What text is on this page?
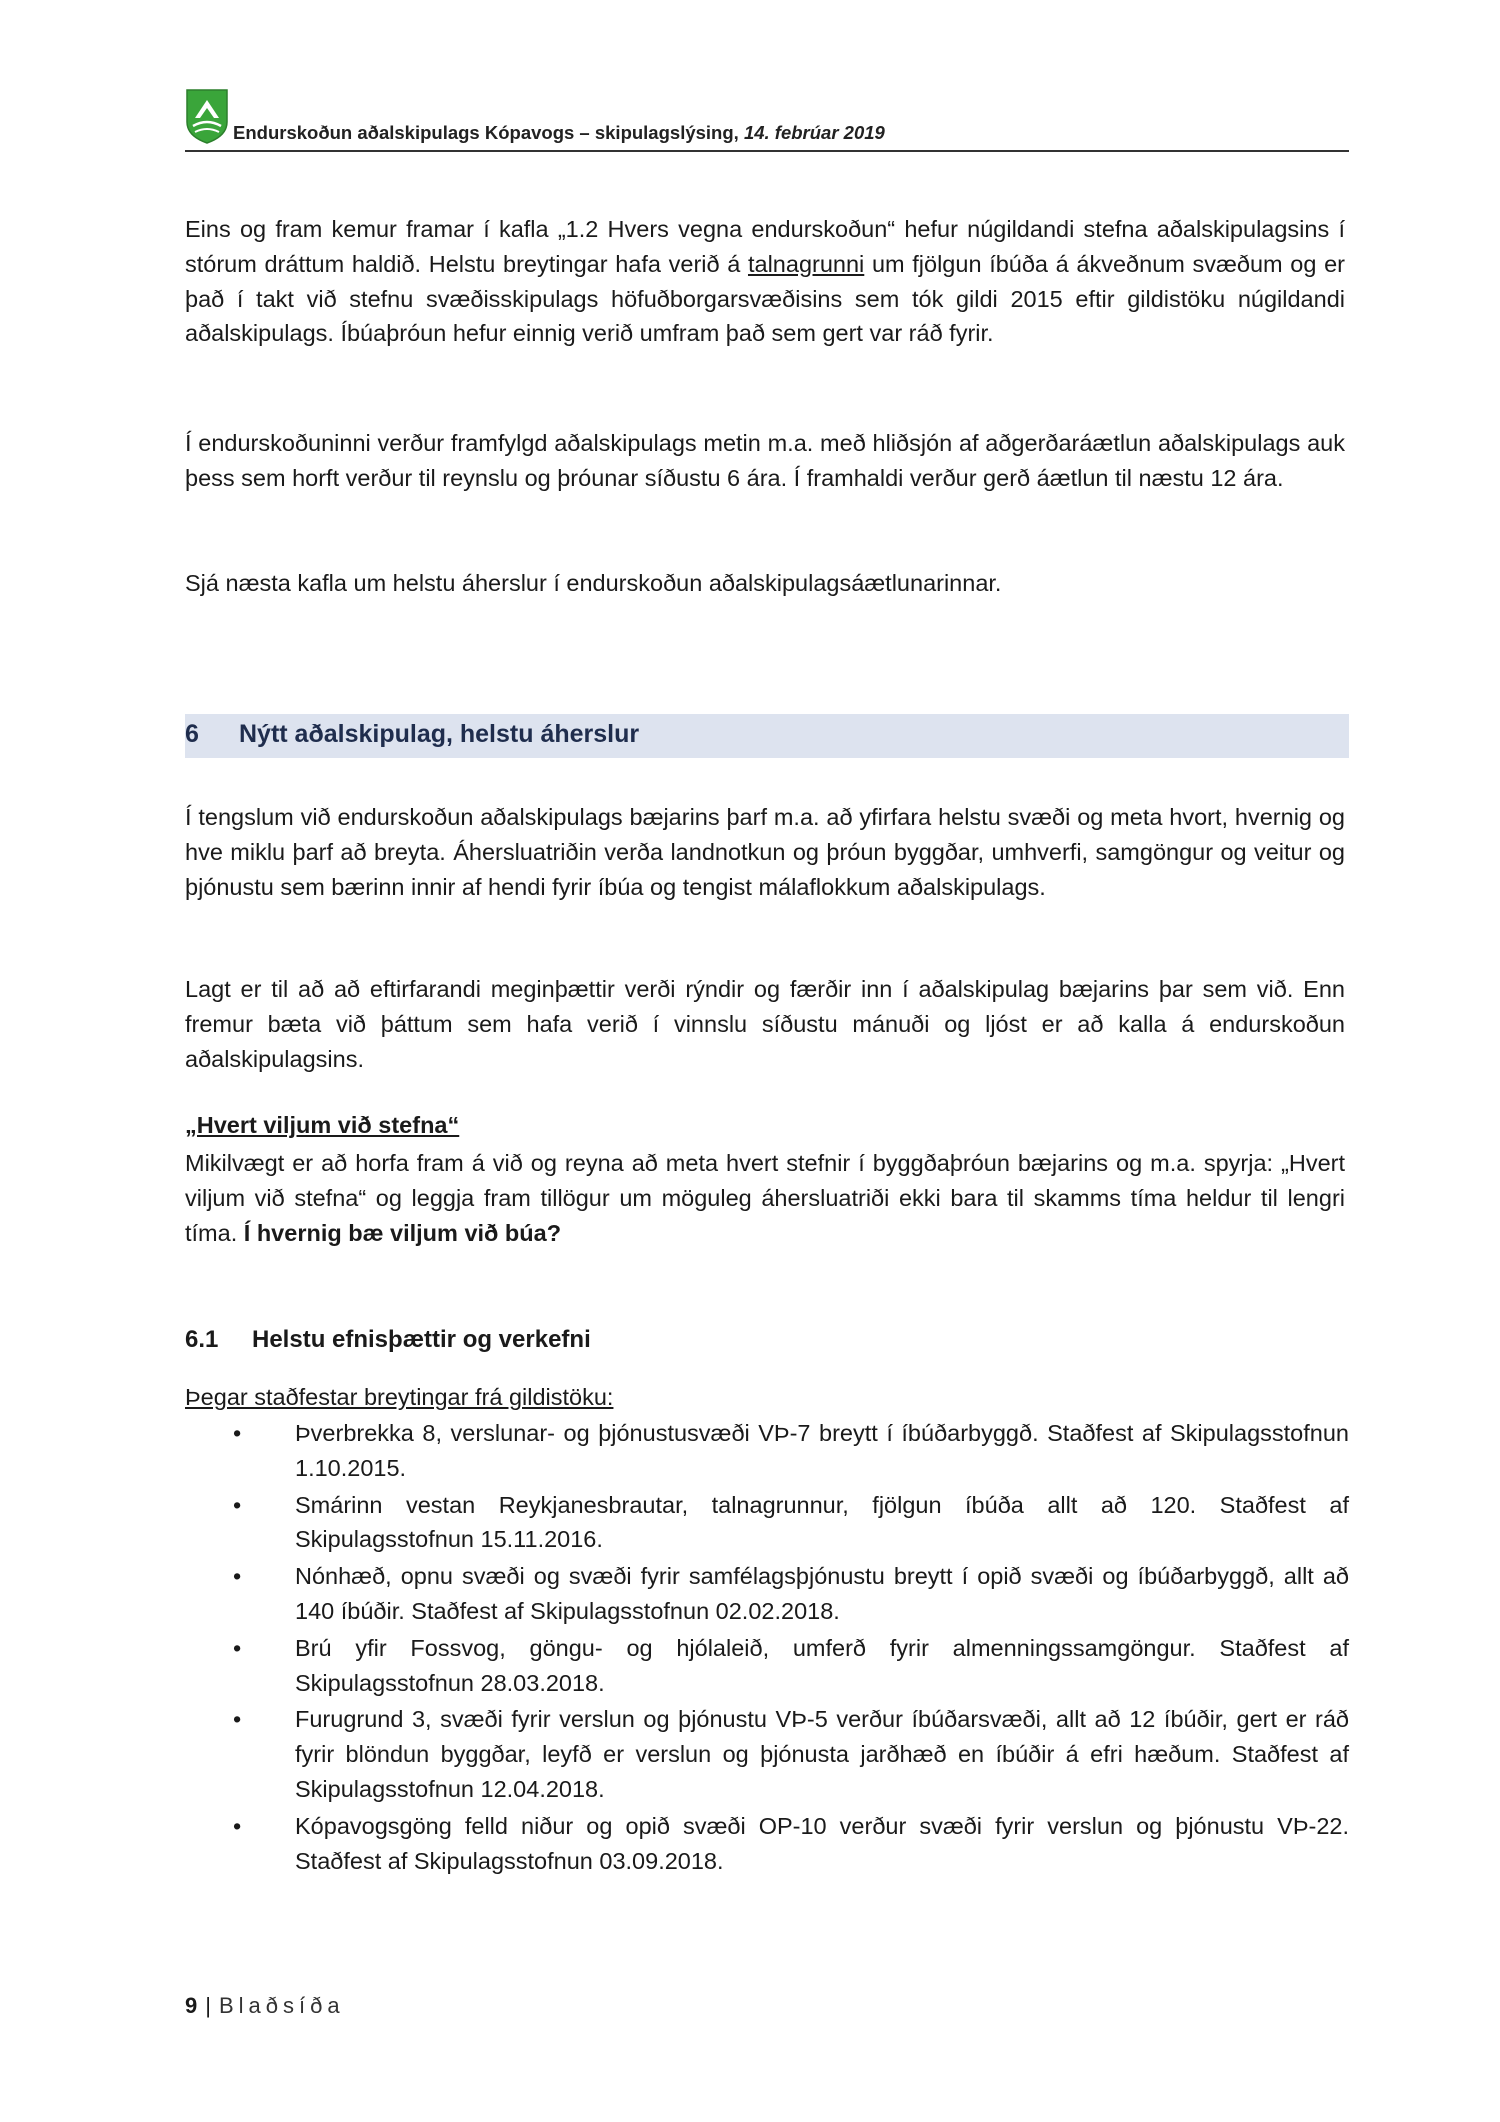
Endurskoðun aðalskipulags Kópavogs – skipulagslýsing, 14. febrúar 2019

Eins og fram kemur framar í kafla „1.2 Hvers vegna endurskoðun“ hefur núgildandi stefna aðalskipulagsins í stórum dráttum haldið. Helstu breytingar hafa verið á talnagrunni um fjölgun íbúða á ákveðnum svæðum og er það í takt við stefnu svæðisskipulags höfuðborgarsvæðisins sem tók gildi 2015 eftir gildistöku núgildandi aðalskipulags. Íbúaþróun hefur einnig verið umfram það sem gert var ráð fyrir.

Í endurskoðuninni verður framfylgd aðalskipulags metin m.a. með hliðsjón af aðgerðaráætlun aðalskipulags auk þess sem horft verður til reynslu og þróunar síðustu 6 ára. Í framhaldi verður gerð áætlun til næstu 12 ára.

Sjá næsta kafla um helstu áherslur í endurskoðun aðalskipulagsáætlunarinnar.

6 Nýtt aðalskipulag, helstu áherslur

Í tengslum við endurskoðun aðalskipulags bæjarins þarf m.a. að yfirfara helstu svæði og meta hvort, hvernig og hve miklu þarf að breyta. Áhersluatriðin verða landnotkun og þróun byggðar, umhverfi, samgöngur og veitur og þjónustu sem bærinn innir af hendi fyrir íbúa og tengist málaflokkum aðalskipulags.

Lagt er til að að eftirfarandi meginþættir verði rýndir og færðir inn í aðalskipulag bæjarins þar sem við. Enn fremur bæta við þáttum sem hafa verið í vinnslu síðustu mánuði og ljóst er að kalla á endurskoðun aðalskipulagsins.

„Hvert viljum við stefna“

Mikilvægt er að horfa fram á við og reyna að meta hvert stefnir í byggðaþróun bæjarins og m.a. spyrja: „Hvert viljum við stefna“ og leggja fram tillögur um möguleg áhersluatriði ekki bara til skamms tíma heldur til lengri tíma. Í hvernig bæ viljum við búa?

6.1 Helstu efnisþættir og verkefni
Þegar staðfestar breytingar frá gildistöku:
• Þverbrekka 8, verslunar- og þjónustusvæði VÞ-7 breytt í íbúðarbyggð. Staðfest af Skipulagsstofnun 1.10.2015.
• Smárinn vestan Reykjanesbrautar, talnagrunnur, fjölgun íbúða allt að 120. Staðfest af Skipulagsstofnun 15.11.2016.
• Nónhæð, opnu svæði og svæði fyrir samfélagsþjónustu breytt í opið svæði og íbúðarbyggð, allt að 140 íbúðir. Staðfest af Skipulagsstofnun 02.02.2018.
• Brú yfir Fossvog, göngu- og hjólaleið, umferð fyrir almenningssamgöngur. Staðfest af Skipulagsstofnun 28.03.2018.
• Furugrund 3, svæði fyrir verslun og þjónustu VÞ-5 verður íbúðarsvæði, allt að 12 íbúðir, gert er ráð fyrir blöndun byggðar, leyfð er verslun og þjónusta jarðhæð en íbúðir á efri hæðum. Staðfest af Skipulagsstofnun 12.04.2018.
• Kópavogsgöng felld niður og opið svæði OP-10 verður svæði fyrir verslun og þjónustu VÞ-22. Staðfest af Skipulagsstofnun 03.09.2018.
9 | Blaðsíða
